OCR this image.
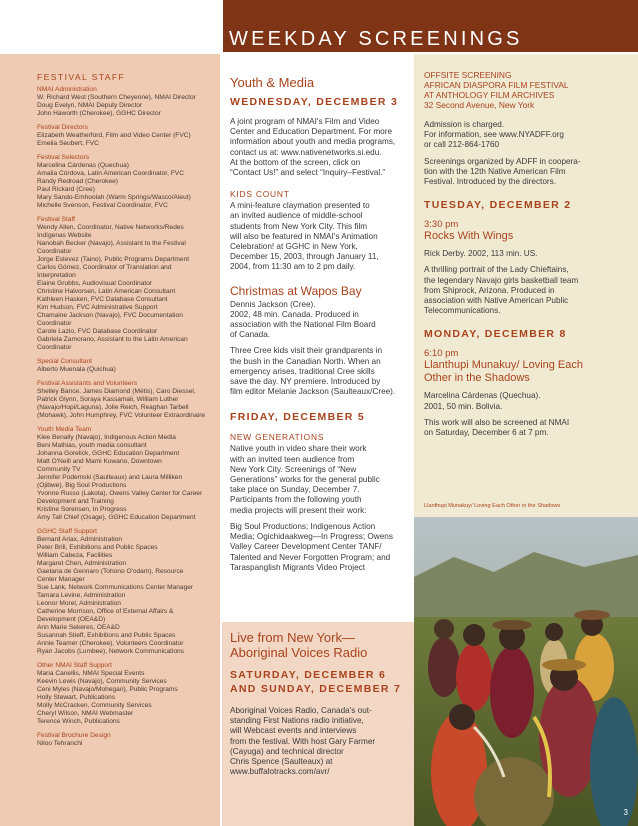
WEEKDAY SCREENINGS
FESTIVAL STAFF
NMAI Administration
W. Richard West (Southern Cheyenne), NMAI Director
Doug Evelyn, NMAI Deputy Director
John Haworth (Cherokee), GGHC Director
Festival Directors
Elizabeth Weatherford, Film and Video Center (FVC)
Emelia Seubert, FVC
Festival Selectors
Marcelina Cárdenas (Quechua)
Amalia Córdova, Latin American Coordinator, FVC
Randy Redroad (Cherokee)
Paul Rickard (Cree)
Mary Sando-Emhoolah (Warm Springs/Wasco/Aleut)
Michelle Svenson, Festival Coordinator, FVC
Festival Staff
Wendy Allen, Coordinator, Native Networks/Redes
Indígenas Website
Nanobah Becker (Navajo), Assistant to the Festival
Coordinator
Jorge Estevez (Taino), Public Programs Department
Carlos Gómez, Coordinator of Translation and
Interpretation
Elaine Grubbs, Audiovisual Coordinator
Christine Halvorsen, Latin American Consultant
Kathleen Hasken, FVC Database Consultant
Kim Hudson, FVC Administrative Support
Chamaine Jackson (Navajo), FVC Documentation
Coordinator
Carole Lazio, FVC Database Coordinator
Gabriela Zamorano, Assistant to the Latin American
Coordinator
Special Consultant
Alberto Muenala (Quichua)
Festival Assistants and Volunteers
Shelley Bance, James Diamond (Métis), Caro Diessel,
Patrick Glynn, Soraya Kassamali, William Luther
(Navajo/Hopi/Laguna), Jolie Reich, Reaghan Tarbell
(Mohawk), John Humphrey, FVC Volunteer Extraordinaire
Youth Media Team
Klee Benally (Navajo), Indigenous Action Media
Beni Mathias, youth media consultant
Johanna Gorelick, GGHC Education Department
Matt O'Neill and Mami Kuwano, Downtown
Community TV
Jennifer Podemski (Saulteaux) and Laura Milliken
(Ojibwe), Big Soul Productions
Yvonne Russo (Lakota), Owens Valley Center for Career
Development and Training
Kristine Sorensen, In Progress
Amy Tall Chief (Osage), GGHC Education Department
GGHC Staff Support
Bernard Ariax, Administration
Peter Brill, Exhibitions and Public Spaces
William Cabeza, Facilities
Margaret Chen, Administration
Gaetana de Gennaro (Tohono O'odam), Resource
Center Manager
Sue Lank, Network Communications Center Manager
Tamara Levine, Administration
Leonor Morel, Administration
Catherine Morrison, Office of External Affairs &
Development (OEA&D)
Ann Marie Sekeres, OEA&D
Susannah Stieff, Exhibitions and Public Spaces
Annie Teamer (Cherokee), Volunteers Coordinator
Ryan Jacobs (Lumbee), Network Communications
Other NMAI Staff Support
Maria Canellis, NMAI Special Events
Keevin Lewis (Navajo), Community Services
Ceni Myles (Navajo/Mohegan), Public Programs
Holly Stewart, Publications
Molly McCracken, Community Services
Cheryl Wilson, NMAI Webmaster
Terence Winch, Publications
Festival Brochure Design
Niloo Tehranchi
Youth & Media
WEDNESDAY, DECEMBER 3
A joint program of NMAI's Film and Video
Center and Education Department. For more
information about youth and media programs,
contact us at: www.nativenetworks.si.edu.
At the bottom of the screen, click on
“Contact Us!” and select “Inquiry–Festival.”
KIDS COUNT
A mini-feature claymation presented to
an invited audience of middle-school
students from New York City. This film
will also be featured in NMAI's Animation
Celebration! at GGHC in New York,
December 15, 2003, through January 11,
2004, from 11:30 am to 2 pm daily.
Christmas at Wapos Bay
Dennis Jackson (Cree).
2002, 48 min. Canada. Produced in
association with the National Film Board
of Canada.
Three Cree kids visit their grandparents in
the bush in the Canadian North. When an
emergency arises, traditional Cree skills
save the day. NY premiere. Introduced by
film editor Melanie Jackson (Saulteaux/Cree).
FRIDAY, DECEMBER 5
NEW GENERATIONS
Native youth in video share their work
with an invited teen audience from
New York City. Screenings of “New
Generations” works for the general public
take place on Sunday, December 7.
Participants from the following youth
media projects will present their work:
Big Soul Productions; Indigenous Action
Media; Ogichidaakweg—In Progress; Owens
Valley Career Development Center TANF/
Talented and Never Forgotten Program; and
Taraspanglish Migrants Video Project
Live from New York—
Aboriginal Voices Radio
SATURDAY, DECEMBER 6
AND SUNDAY, DECEMBER 7
Aboriginal Voices Radio, Canada's out-
standing First Nations radio initiative,
will Webcast events and interviews
from the festival. With host Gary Farmer
(Cayuga) and technical director
Chris Spence (Saulteaux) at
www.buffalotracks.com/avr/
OFFSITE SCREENING
AFRICAN DIASPORA FILM FESTIVAL
AT ANTHOLOGY FILM ARCHIVES
32 Second Avenue, New York
Admission is charged.
For information, see www.NYADFF.org
or call 212-864-1760
Screenings organized by ADFF in coopera-
tion with the 12th Native American Film
Festival. Introduced by the directors.
TUESDAY, DECEMBER 2
3:30 pm
Rocks With Wings
Rick Derby. 2002, 113 min. US.
A thrilling portrait of the Lady Chieftains,
the legendary Navajo girls basketball team
from Shiprock, Arizona. Produced in
association with Native American Public
Telecommunications.
MONDAY, DECEMBER 8
6:10 pm
Llanthupi Munakuy/ Loving Each
Other in the Shadows
Marcelina Cárdenas (Quechua).
2001, 50 min. Bolivia.
This work will also be screened at NMAI
on Saturday, December 6 at 7 pm.
Llanthupi Munakuy/ Loving Each Other in the Shadows
3
